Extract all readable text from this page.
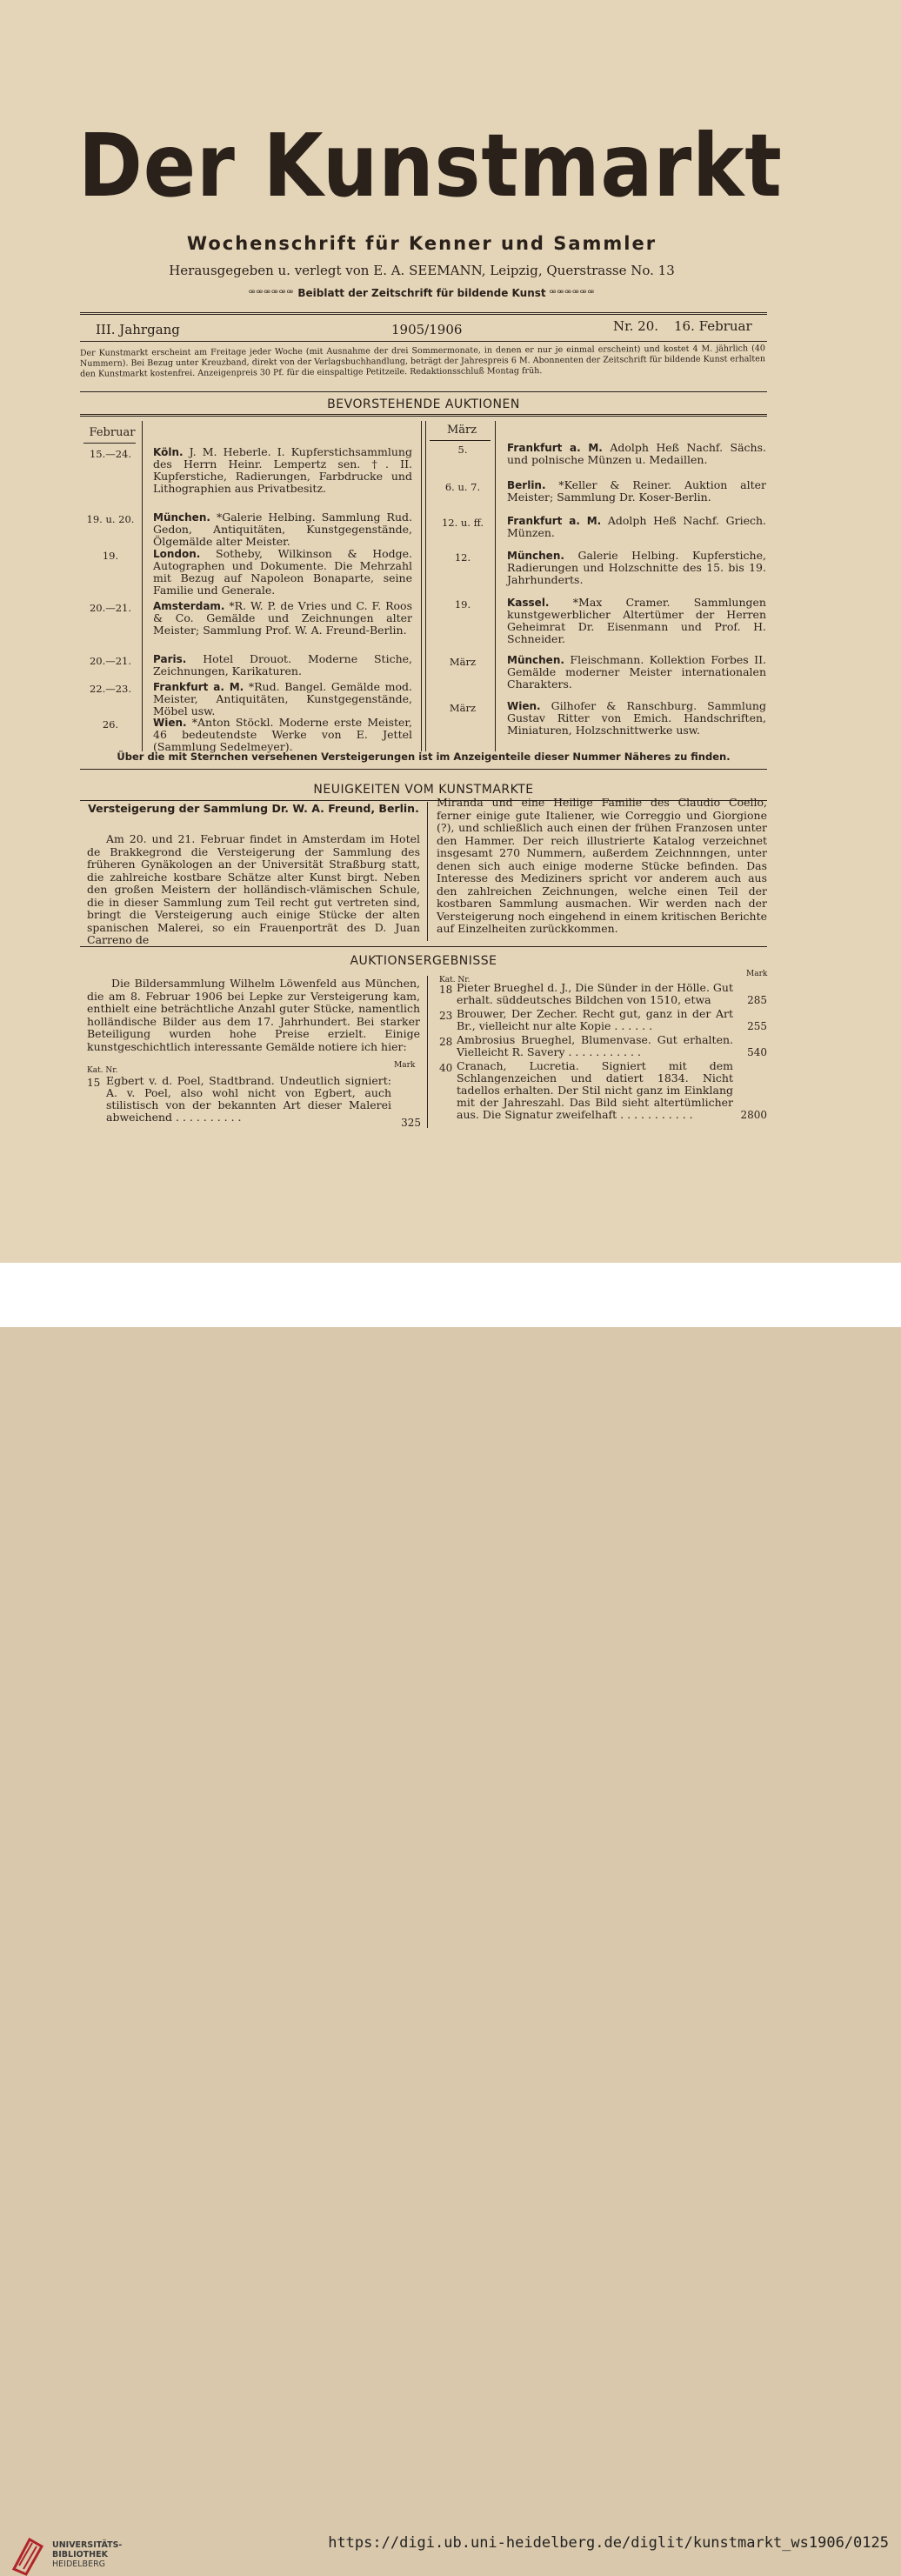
Der Kunstmarkt
Wochenschrift für Kenner und Sammler
Herausgegeben u. verlegt von E. A. SEEMANN, Leipzig, Querstrasse No. 13
ꟹꟹꟹꟹꟹꟹ Beiblatt der Zeitschrift für bildende Kunst ꟹꟹꟹꟹꟹꟹ
III. Jahrgang	1905/1906	Nr. 20. 16. Februar
Der Kunstmarkt erscheint am Freitage jeder Woche (mit Ausnahme der drei Sommermonate, in denen er nur je einmal erscheint) und kostet 4 M. jährlich (40 Nummern). Bei Bezug unter Kreuzband, direkt von der Verlagsbuchhandlung, beträgt der Jahrespreis 6 M. Abonnenten der Zeitschrift für bildende Kunst erhalten den Kunstmarkt kostenfrei. Anzeigenpreis 30 Pf. für die einspaltige Petitzeile. Redaktionsschluß Montag früh.
BEVORSTEHENDE AUKTIONEN
Februar	März
15.—24.	Köln. J. M. Heberle. I. Kupferstichsammlung des Herrn Heinr. Lempertz sen. †. II. Kupferstiche, Radierungen, Farbdrucke und Lithographien aus Privatbesitz.
19. u. 20. München. *Galerie Helbing. Sammlung Rud. Gedon, Antiquitäten, Kunstgegenstände, Ölgemälde alter Meister.
19.	London. Sotheby, Wilkinson & Hodge. Autographen und Dokumente. Die Mehrzahl mit Bezug auf Napoleon Bonaparte, seine Familie und Generale.
20.—21.	Amsterdam. *R. W. P. de Vries und C. F. Roos & Co. Gemälde und Zeichnungen alter Meister; Sammlung Prof. W. A. Freund-Berlin.
20.—21.	Paris. Hotel Drouot. Moderne Stiche, Zeichnungen, Karikaturen.
22.—23.	Frankfurt a. M. *Rud. Bangel. Gemälde mod. Meister, Antiquitäten, Kunstgegenstände, Möbel usw.
26.	Wien. *Anton Stöckl. Moderne erste Meister, 46 bedeutendste Werke von E. Jettel (Sammlung Sedelmeyer).
5.	Frankfurt a. M. Adolph Heß Nachf. Sächs. und polnische Münzen u. Medaillen.
6. u. 7.	Berlin. *Keller & Reiner. Auktion alter Meister; Sammlung Dr. Koser-Berlin.
12. u. ff.	Frankfurt a. M. Adolph Heß Nachf. Griech. Münzen.
12.	München. Galerie Helbing. Kupferstiche, Radierungen und Holzschnitte des 15. bis 19. Jahrhunderts.
19.	Kassel. *Max Cramer. Sammlungen kunstgewerblicher Altertümer der Herren Geheimrat Dr. Eisenmann und Prof. H. Schneider.
März	München. Fleischmann. Kollektion Forbes II. Gemälde moderner Meister internationalen Charakters.
März	Wien. Gilhofer & Ranschburg. Sammlung Gustav Ritter von Emich. Handschriften, Miniaturen, Holzschnittwerke usw.
Über die mit Sternchen versehenen Versteigerungen ist im Anzeigenteile dieser Nummer Näheres zu finden.
NEUIGKEITEN VOM KUNSTMARKTE
Versteigerung der Sammlung Dr. W. A. Freund, Berlin.
Am 20. und 21. Februar findet in Amsterdam im Hotel de Brakkegrond die Versteigerung der Sammlung des früheren Gynäkologen an der Universität Straßburg statt, die zahlreiche kostbare Schätze alter Kunst birgt. Neben den großen Meistern der holländisch-vlämischen Schule, die in dieser Sammlung zum Teil recht gut vertreten sind, bringt die Versteigerung auch einige Stücke der alten spanischen Malerei, so ein Frauenporträt des D. Juan Carreno de
Miranda und eine Heilige Familie des Claudio Coello, ferner einige gute Italiener, wie Correggio und Giorgione (?), und schließlich auch einen der frühen Franzosen unter den Hammer. Der reich illustrierte Katalog verzeichnet insgesamt 270 Nummern, außerdem Zeichnnngen, unter denen sich auch einige moderne Stücke befinden. Das Interesse des Mediziners spricht vor anderem auch aus den zahlreichen Zeichnungen, welche einen Teil der kostbaren Sammlung ausmachen. Wir werden nach der Versteigerung noch eingehend in einem kritischen Berichte auf Einzelheiten zurückkommen.
AUKTIONSERGEBNISSE
Die Bildersammlung Wilhelm Löwenfeld aus München, die am 8. Februar 1906 bei Lepke zur Versteigerung kam, enthielt eine beträchtliche Anzahl guter Stücke, namentlich holländische Bilder aus dem 17. Jahrhundert. Bei starker Beteiligung wurden hohe Preise erzielt. Einige kunstgeschichtlich interessante Gemälde notiere ich hier:
Kat. Nr.
Mark
Kat. Nr.
Mark
15 Egbert v. d. Poel, Stadtbrand. Undeutlich signiert: A. v. Poel, also wohl nicht von Egbert, auch stilistisch von der bekannten Art dieser Malerei abweichend . . . . . . . . . .	325
18 Pieter Brueghel d. J., Die Sünder in der Hölle. Gut erhalt. süddeutsches Bildchen von 1510, etwa	285
23 Brouwer, Der Zecher. Recht gut, ganz in der Art Br., vielleicht nur alte Kopie . . . . . .	255
28 Ambrosius Brueghel, Blumenvase. Gut erhalten. Vielleicht R. Savery . . . . . . . . . . .	540
40 Cranach, Lucretia. Signiert mit dem Schlangenzeichen und datiert 1834. Nicht tadellos erhalten. Der Stil nicht ganz im Einklang mit der Jahreszahl. Das Bild sieht altertümlicher aus. Die Signatur zweifelhaft . . . . . . . . . . .	2800
UNIVERSITÄTS-
BIBLIOTHEK
HEIDELBERG
https://digi.ub.uni-heidelberg.de/diglit/kunstmarkt_ws1906/0125
